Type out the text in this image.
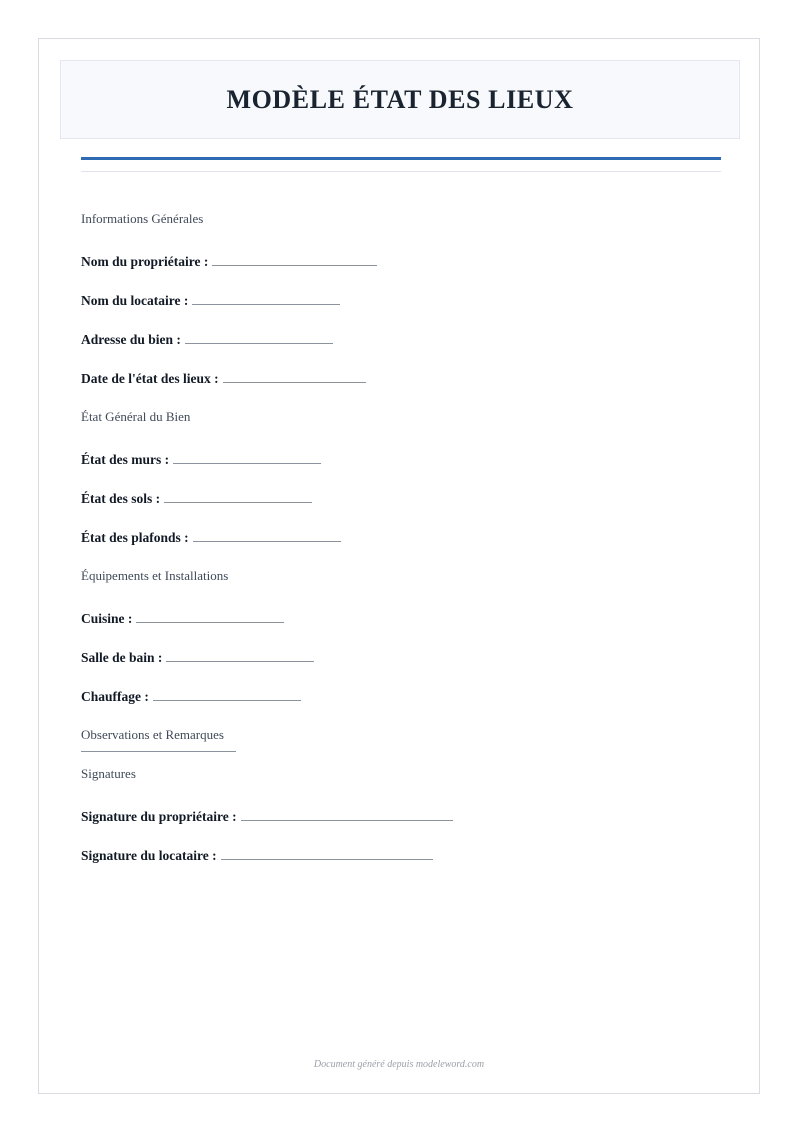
MODÈLE ÉTAT DES LIEUX

Informations Générales

Nom du propriétaire :

Nom du locataire :

Adresse du bien :

Date de l'état des lieux :

État Général du Bien

État des murs :

État des sols :

État des plafonds :

Équipements et Installations

Cuisine :

Salle de bain :

Chauffage :

Observations et Remarques

Signatures

Signature du propriétaire :

Signature du locataire :

Document généré depuis modeleword.com
